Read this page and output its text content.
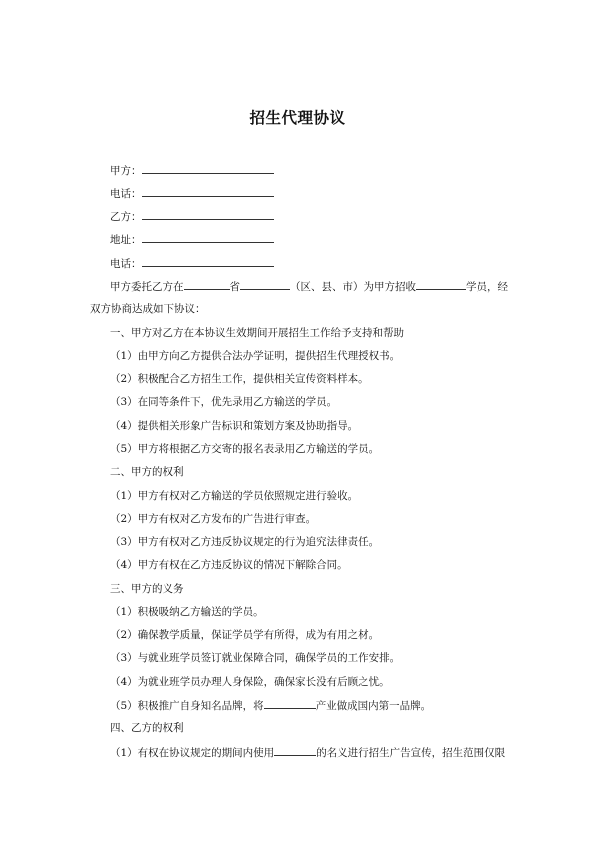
招生代理协议
甲方：
电话：
乙方：
地址：
电话：
甲方委托乙方在	省	（区、县、市）为甲方招收	学员，经
双方协商达成如下协议：
一、甲方对乙方在本协议生效期间开展招生工作给予支持和帮助
（1）由甲方向乙方提供合法办学证明，提供招生代理授权书。
（2）积极配合乙方招生工作，提供相关宣传资料样本。
（3）在同等条件下，优先录用乙方输送的学员。
（4）提供相关形象广告标识和策划方案及协助指导。
（5）甲方将根据乙方交寄的报名表录用乙方输送的学员。
二、甲方的权利
（1）甲方有权对乙方输送的学员依照规定进行验收。
（2）甲方有权对乙方发布的广告进行审查。
（3）甲方有权对乙方违反协议规定的行为追究法律责任。
（4）甲方有权在乙方违反协议的情况下解除合同。
三、甲方的义务
（1）积极吸纳乙方输送的学员。
（2）确保教学质量，保证学员学有所得，成为有用之材。
（3）与就业班学员签订就业保障合同，确保学员的工作安排。
（4）为就业班学员办理人身保险，确保家长没有后顾之忧。
（5）积极推广自身知名品牌，将	产业做成国内第一品牌。
四、乙方的权利
（1）有权在协议规定的期间内使用	的名义进行招生广告宣传，招生范围仅限
